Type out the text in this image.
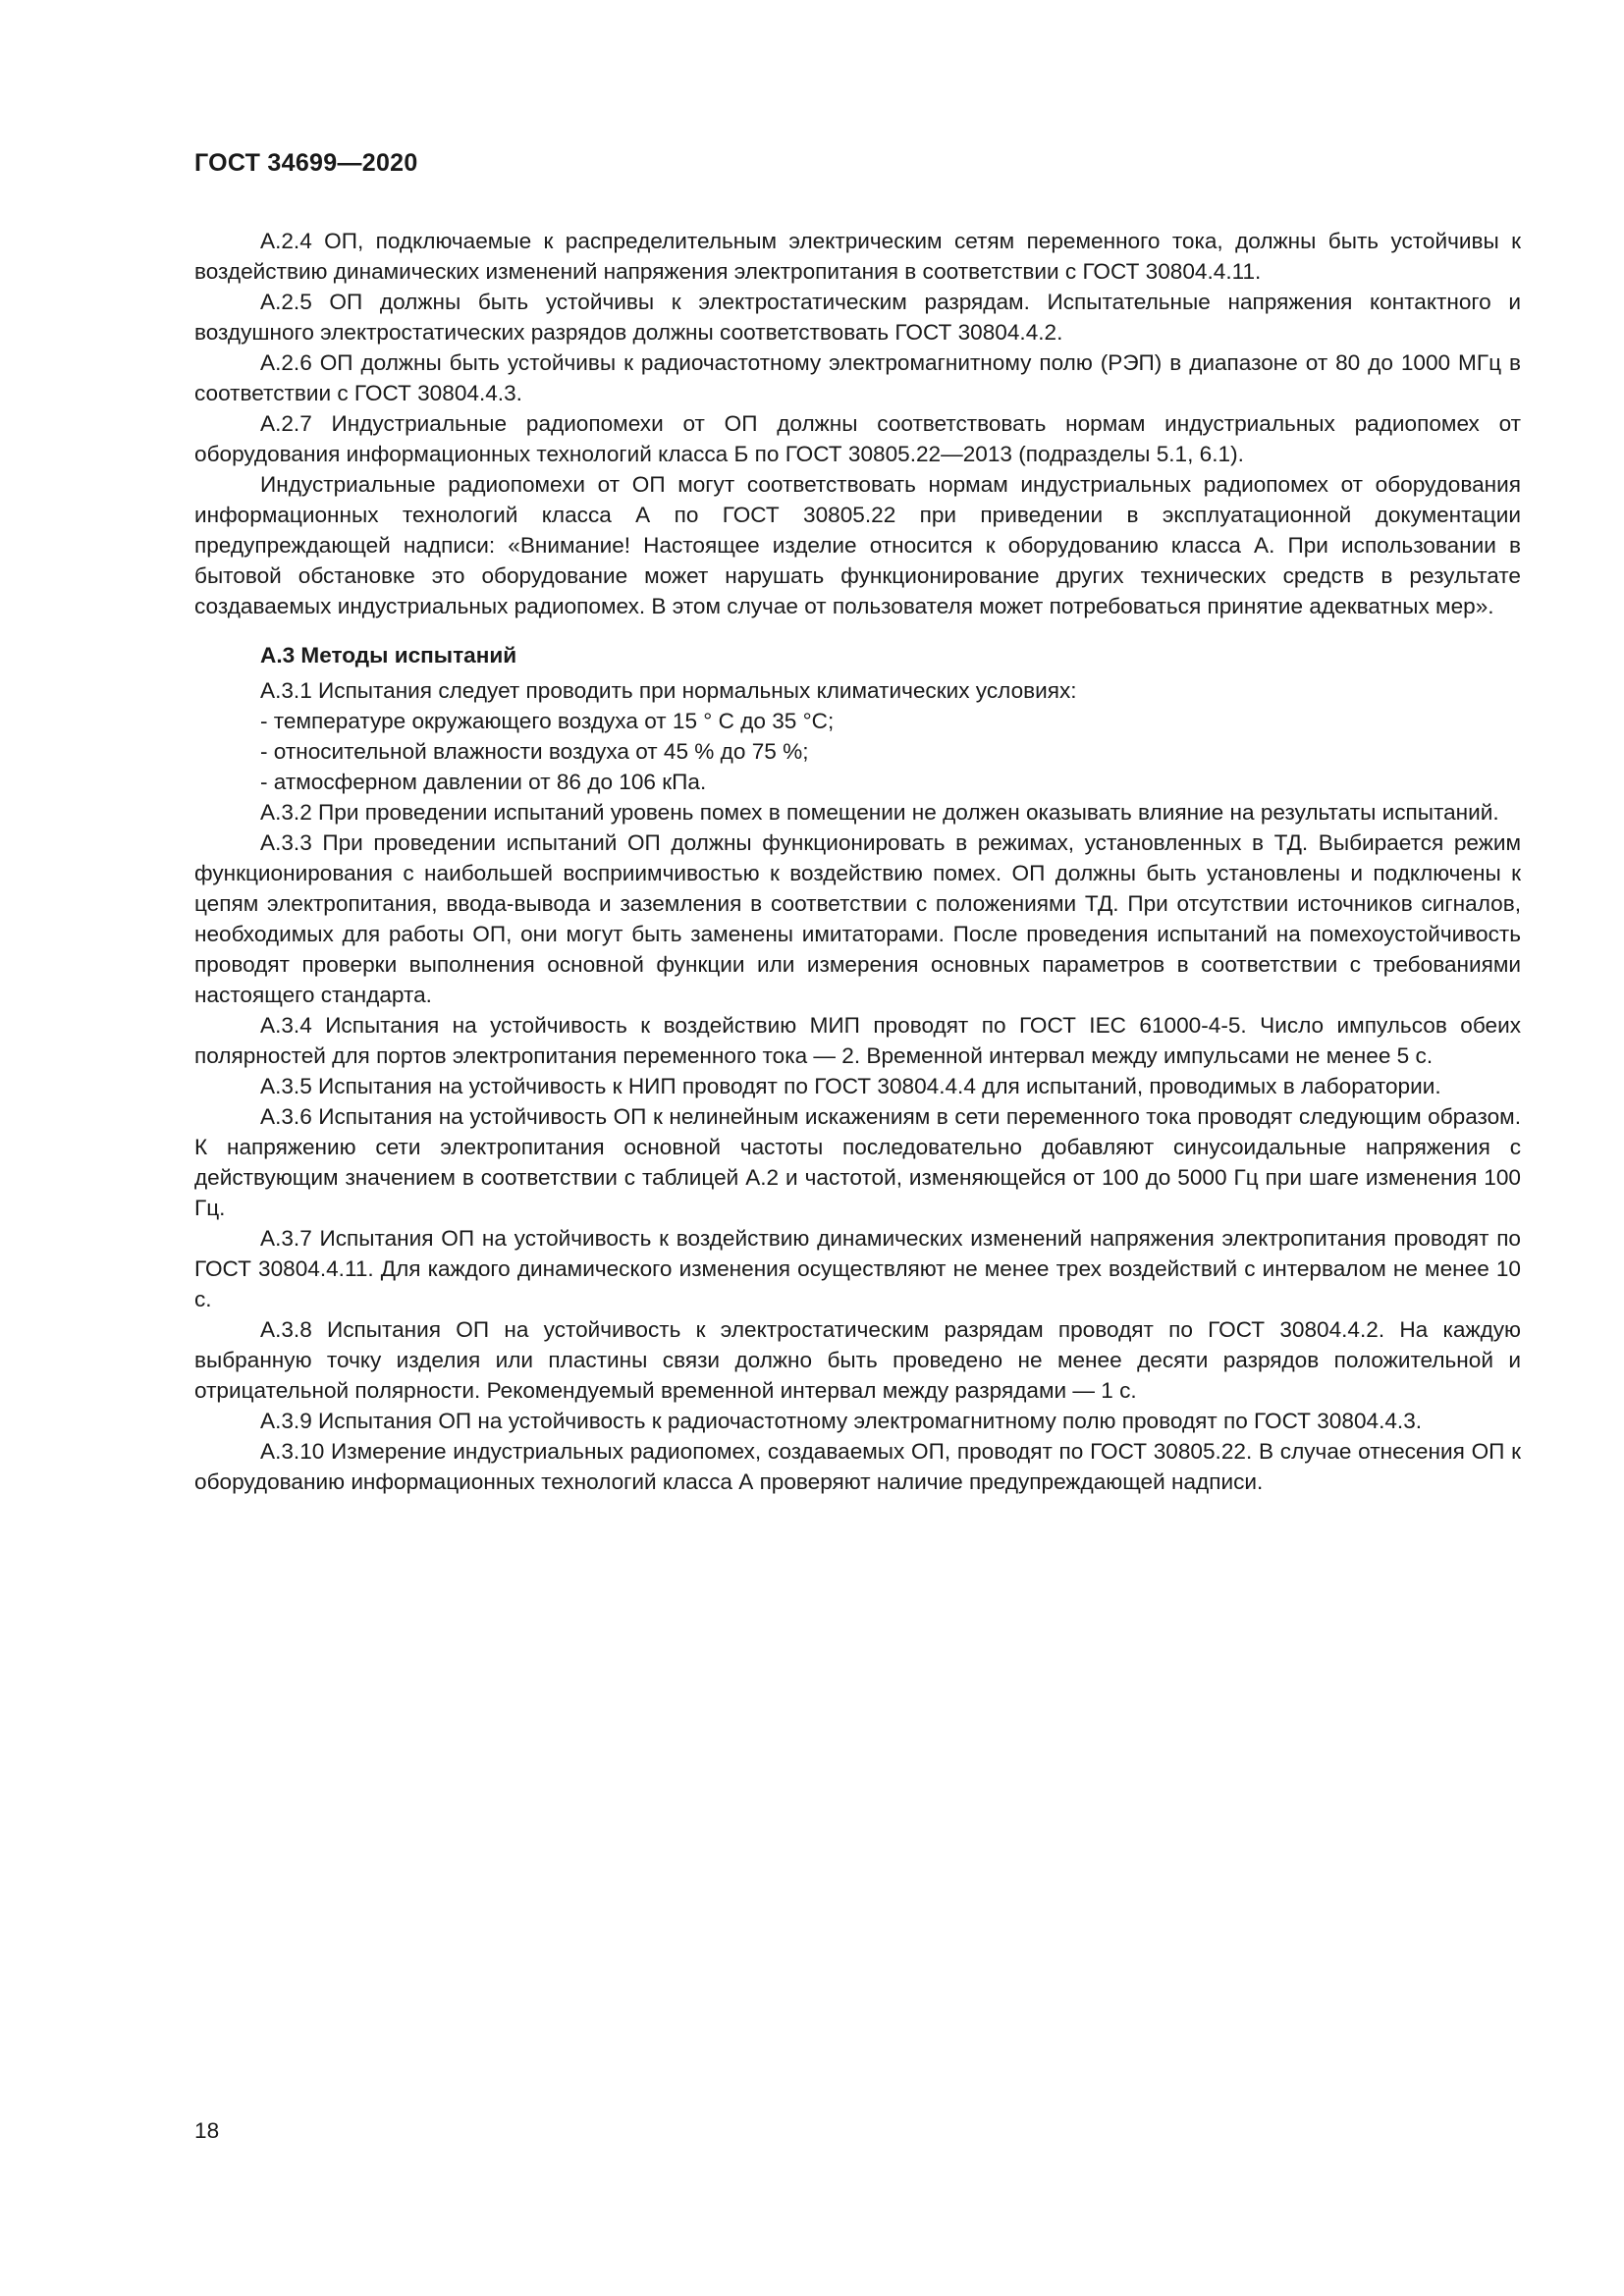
ГОСТ 34699—2020

А.2.4 ОП, подключаемые к распределительным электрическим сетям переменного тока, должны быть устойчивы к воздействию динамических изменений напряжения электропитания в соответствии с ГОСТ 30804.4.11.

А.2.5 ОП должны быть устойчивы к электростатическим разрядам. Испытательные напряжения контактного и воздушного электростатических разрядов должны соответствовать ГОСТ 30804.4.2.

А.2.6 ОП должны быть устойчивы к радиочастотному электромагнитному полю (РЭП) в диапазоне от 80 до 1000 МГц в соответствии с ГОСТ 30804.4.3.

А.2.7 Индустриальные радиопомехи от ОП должны соответствовать нормам индустриальных радиопомех от оборудования информационных технологий класса Б по ГОСТ 30805.22—2013 (подразделы 5.1, 6.1).

Индустриальные радиопомехи от ОП могут соответствовать нормам индустриальных радиопомех от оборудования информационных технологий класса А по ГОСТ 30805.22 при приведении в эксплуатационной документации предупреждающей надписи: «Внимание! Настоящее изделие относится к оборудованию класса А. При использовании в бытовой обстановке это оборудование может нарушать функционирование других технических средств в результате создаваемых индустриальных радиопомех. В этом случае от пользователя может потребоваться принятие адекватных мер».

А.3 Методы испытаний

А.3.1 Испытания следует проводить при нормальных климатических условиях:

- температуре окружающего воздуха от 15 ° С до 35 °С;

- относительной влажности воздуха от 45 % до 75 %;

- атмосферном давлении от 86 до 106 кПа.

А.3.2 При проведении испытаний уровень помех в помещении не должен оказывать влияние на результаты испытаний.

А.3.3 При проведении испытаний ОП должны функционировать в режимах, установленных в ТД. Выбирается режим функционирования с наибольшей восприимчивостью к воздействию помех. ОП должны быть установлены и подключены к цепям электропитания, ввода-вывода и заземления в соответствии с положениями ТД. При отсутствии источников сигналов, необходимых для работы ОП, они могут быть заменены имитаторами. После проведения испытаний на помехоустойчивость проводят проверки выполнения основной функции или измерения основных параметров в соответствии с требованиями настоящего стандарта.

А.3.4 Испытания на устойчивость к воздействию МИП проводят по ГОСТ IEC 61000-4-5. Число импульсов обеих полярностей для портов электропитания переменного тока — 2. Временной интервал между импульсами не менее 5 с.

А.3.5 Испытания на устойчивость к НИП проводят по ГОСТ 30804.4.4 для испытаний, проводимых в лаборатории.

А.3.6 Испытания на устойчивость ОП к нелинейным искажениям в сети переменного тока проводят следующим образом. К напряжению сети электропитания основной частоты последовательно добавляют синусоидальные напряжения с действующим значением в соответствии с таблицей А.2 и частотой, изменяющейся от 100 до 5000 Гц при шаге изменения 100 Гц.

А.3.7 Испытания ОП на устойчивость к воздействию динамических изменений напряжения электропитания проводят по ГОСТ 30804.4.11. Для каждого динамического изменения осуществляют не менее трех воздействий с интервалом не менее 10 с.

А.3.8 Испытания ОП на устойчивость к электростатическим разрядам проводят по ГОСТ 30804.4.2. На каждую выбранную точку изделия или пластины связи должно быть проведено не менее десяти разрядов положительной и отрицательной полярности. Рекомендуемый временной интервал между разрядами — 1 с.

А.3.9 Испытания ОП на устойчивость к радиочастотному электромагнитному полю проводят по ГОСТ 30804.4.3.

А.3.10 Измерение индустриальных радиопомех, создаваемых ОП, проводят по ГОСТ 30805.22. В случае отнесения ОП к оборудованию информационных технологий класса А проверяют наличие предупреждающей надписи.

18
